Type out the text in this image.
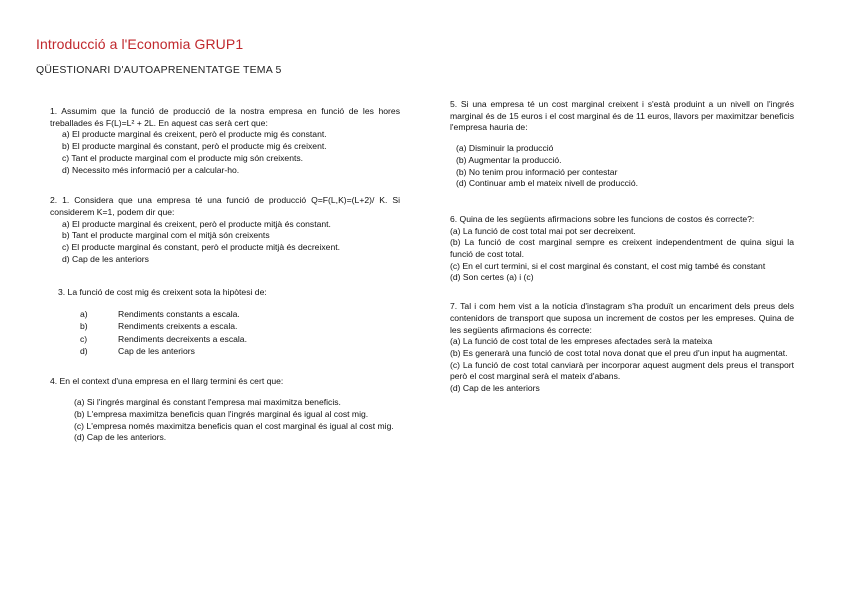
Introducció a l'Economia GRUP1
QÜESTIONARI D'AUTOAPRENENTATGE TEMA 5

1. Assumim que la funció de producció de la nostra empresa en funció de les hores treballades és F(L)=L² + 2L. En aquest cas serà cert que:

a) El producte marginal és creixent, però el producte mig és constant.
b) El producte marginal és constant, però el producte mig és creixent.
c) Tant el producte marginal com el producte mig són creixents.
d) Necessito més informació per a calcular-ho.

2. 1. Considera que una empresa té una funció de producció Q=F(L,K)=(L+2)/ K. Si considerem K=1, podem dir que:

a) El producte marginal és creixent, però el producte mitjà és constant.
b) Tant el producte marginal com el mitjà són creixents
c) El producte marginal és constant, però el producte mitjà és decreixent.
d) Cap de les anteriors

3. La funció de cost mig és creixent sota la hipòtesi de:

a)	Rendiments constants a escala.
b)	Rendiments creixents a escala.
c)	Rendiments decreixents a escala.
d)	Cap de les anteriors

4. En el context d'una empresa en el llarg termini és cert que:

(a) Si l'ingrés marginal és constant l'empresa mai maximitza beneficis.
(b) L'empresa maximitza beneficis quan l'ingrés marginal és igual al cost mig.
(c) L'empresa només maximitza beneficis quan el cost marginal és igual al cost mig.
(d) Cap de les anteriors.

5. Si una empresa té un cost marginal creixent i s'està produint a un nivell on l'ingrés marginal és de 15 euros i el cost marginal és de 11 euros, llavors per maximitzar beneficis l'empresa hauria de:

(a) Disminuir la producció
(b) Augmentar la producció.
(b) No tenim prou informació per contestar
(d) Continuar amb el mateix nivell de producció.

6. Quina de les següents afirmacions sobre les funcions de costos és correcte?:

(a) La funció de cost total mai pot ser decreixent.
(b) La funció de cost marginal sempre es creixent independentment de quina sigui la funció de cost total.
(c) En el curt termini, si el cost marginal és constant, el cost mig també és constant
(d) Son certes (a) i (c)

7. Tal i com hem vist a la notícia d'instagram s'ha produït un encariment dels preus dels contenidors de transport que suposa un increment de costos per les empreses. Quina de les següents afirmacions és correcte:

(a) La funció de cost total de les empreses afectades serà la mateixa
(b) Es generarà una funció de cost total nova donat que el preu d'un input ha augmentat.
(c) La funció de cost total canviarà per incorporar aquest augment dels preus el transport però el cost marginal serà el mateix d'abans.
(d) Cap de les anteriors
